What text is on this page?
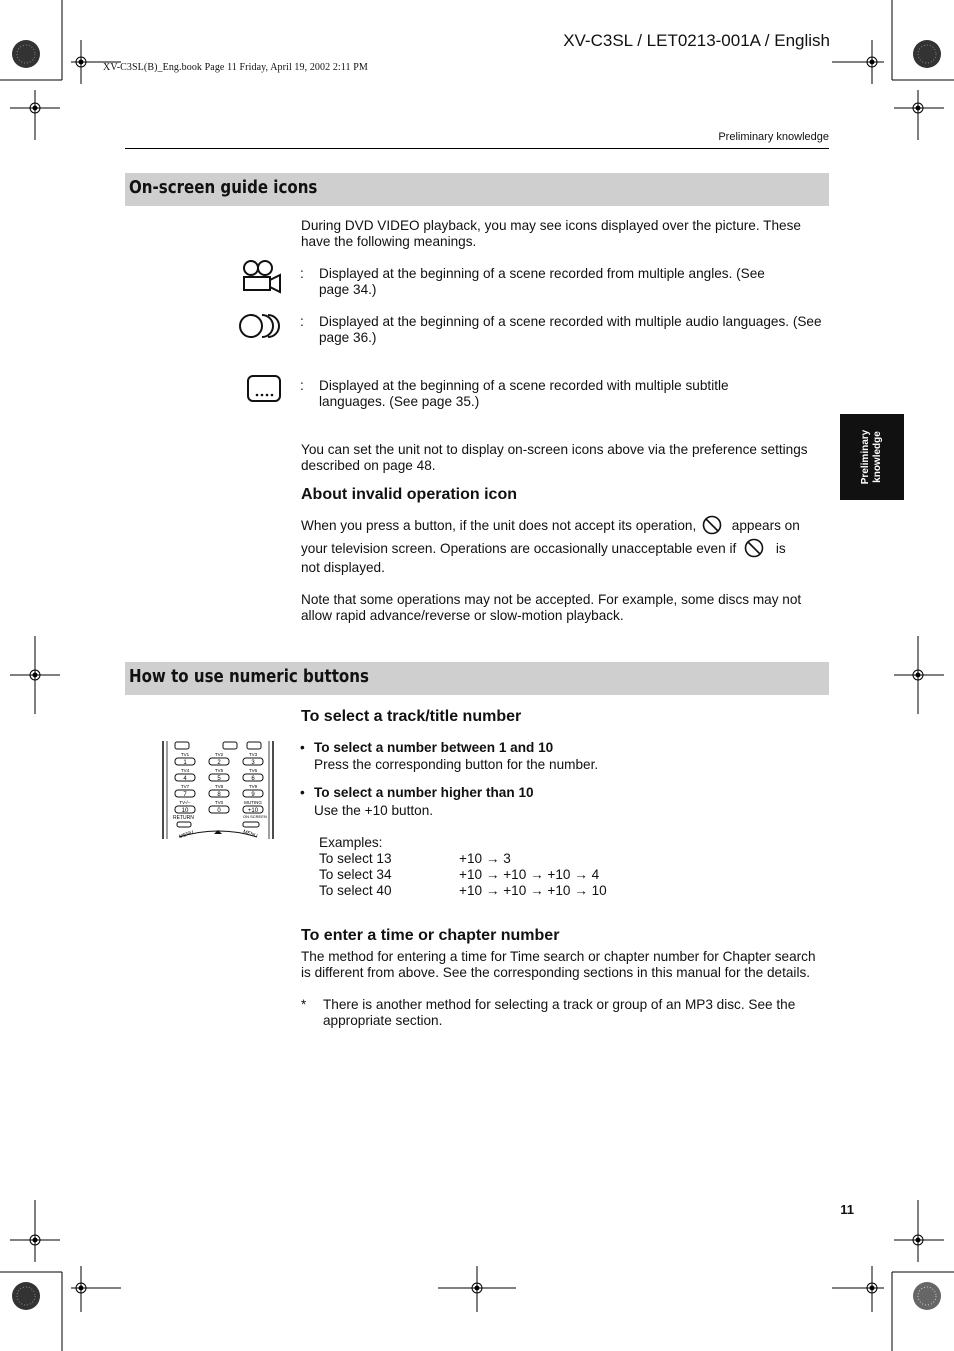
XV-C3SL / LET0213-001A / English
XV-C3SL(B)_Eng.book Page 11 Friday, April 19, 2002 2:11 PM
Preliminary knowledge
Preliminary
knowledge
On-screen guide icons
During DVD VIDEO playback, you may see icons displayed over the picture. These have the following meanings.
: Displayed at the beginning of a scene recorded from multiple angles. (See page 34.)
: Displayed at the beginning of a scene recorded with multiple audio languages. (See page 36.)
: Displayed at the beginning of a scene recorded with multiple subtitle languages. (See page 35.)
You can set the unit not to display on-screen icons above via the preference settings described on page 48.
About invalid operation icon
When you press a button, if the unit does not accept its operation,	appears on
your television screen. Operations are occasionally unacceptable even if	is
not displayed.
Note that some operations may not be accepted. For example, some discs may not allow rapid advance/reverse or slow-motion playback.
How to use numeric buttons
To select a track/title number
TV1
1
TV2
2
TV3
3
TV4
4
TV5
5
TV6
6
TV7
7
TV8
8
TV9
9
TV-/--
10
TV0
0
MUTING
+10
RETURN	ON SCREEN
MENU	MENU
• To select a number between 1 and 10
Press the corresponding button for the number.
• To select a number higher than 10
Use the +10 button.
Examples:
To select 13	+10 → 3
To select 34	+10 → +10 → +10 → 4
To select 40	+10 → +10 → +10 → 10
To enter a time or chapter number
The method for entering a time for Time search or chapter number for Chapter search is different from above. See the corresponding sections in this manual for the details.
* There is another method for selecting a track or group of an MP3 disc. See the appropriate section.
11
